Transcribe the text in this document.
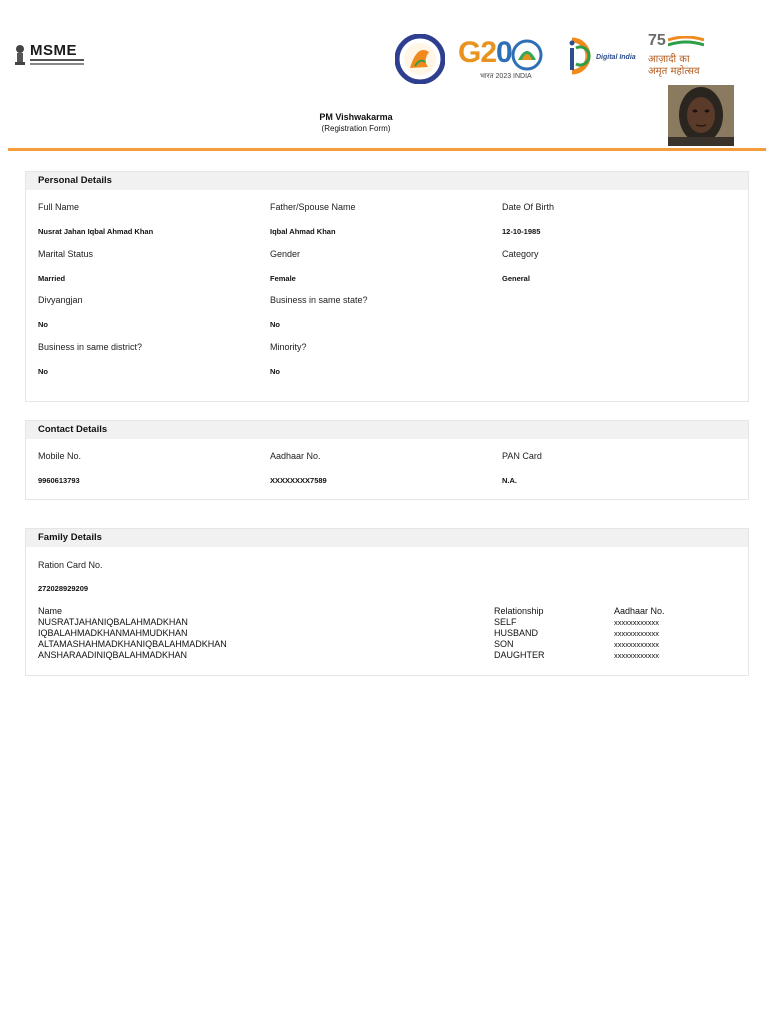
MSME	G20
भारत 2023 INDIA
Digital India
75
आज़ादी का अमृत महोत्सव
PM Vishwakarma
(Registration Form)
Personal Details
Full Name
Nusrat Jahan Iqbal Ahmad Khan
Father/Spouse Name
Iqbal Ahmad Khan
Date Of Birth
12-10-1985
Marital Status
Married
Gender
Female
Category
General
Divyangjan
No
Business in same state?
No
Business in same district?
No
Minority?
No
Contact Details
Mobile No.
9960613793
Aadhaar No.
XXXXXXXX7589
PAN Card
N.A.
Family Details
Ration Card No.
272028929209
Name	Relationship	Aadhaar No.
NUSRATJAHANIQBALAHMADKHAN	SELF	xxxxxxxxxxxx
IQBALAHMADKHANMAHMUDKHAN	HUSBAND	xxxxxxxxxxxx
ALTAMASHAHMADKHANIQBALAHMADKHAN	SON	xxxxxxxxxxxx
ANSHARAADINIQBALAHMADKHAN	DAUGHTER	xxxxxxxxxxxx
